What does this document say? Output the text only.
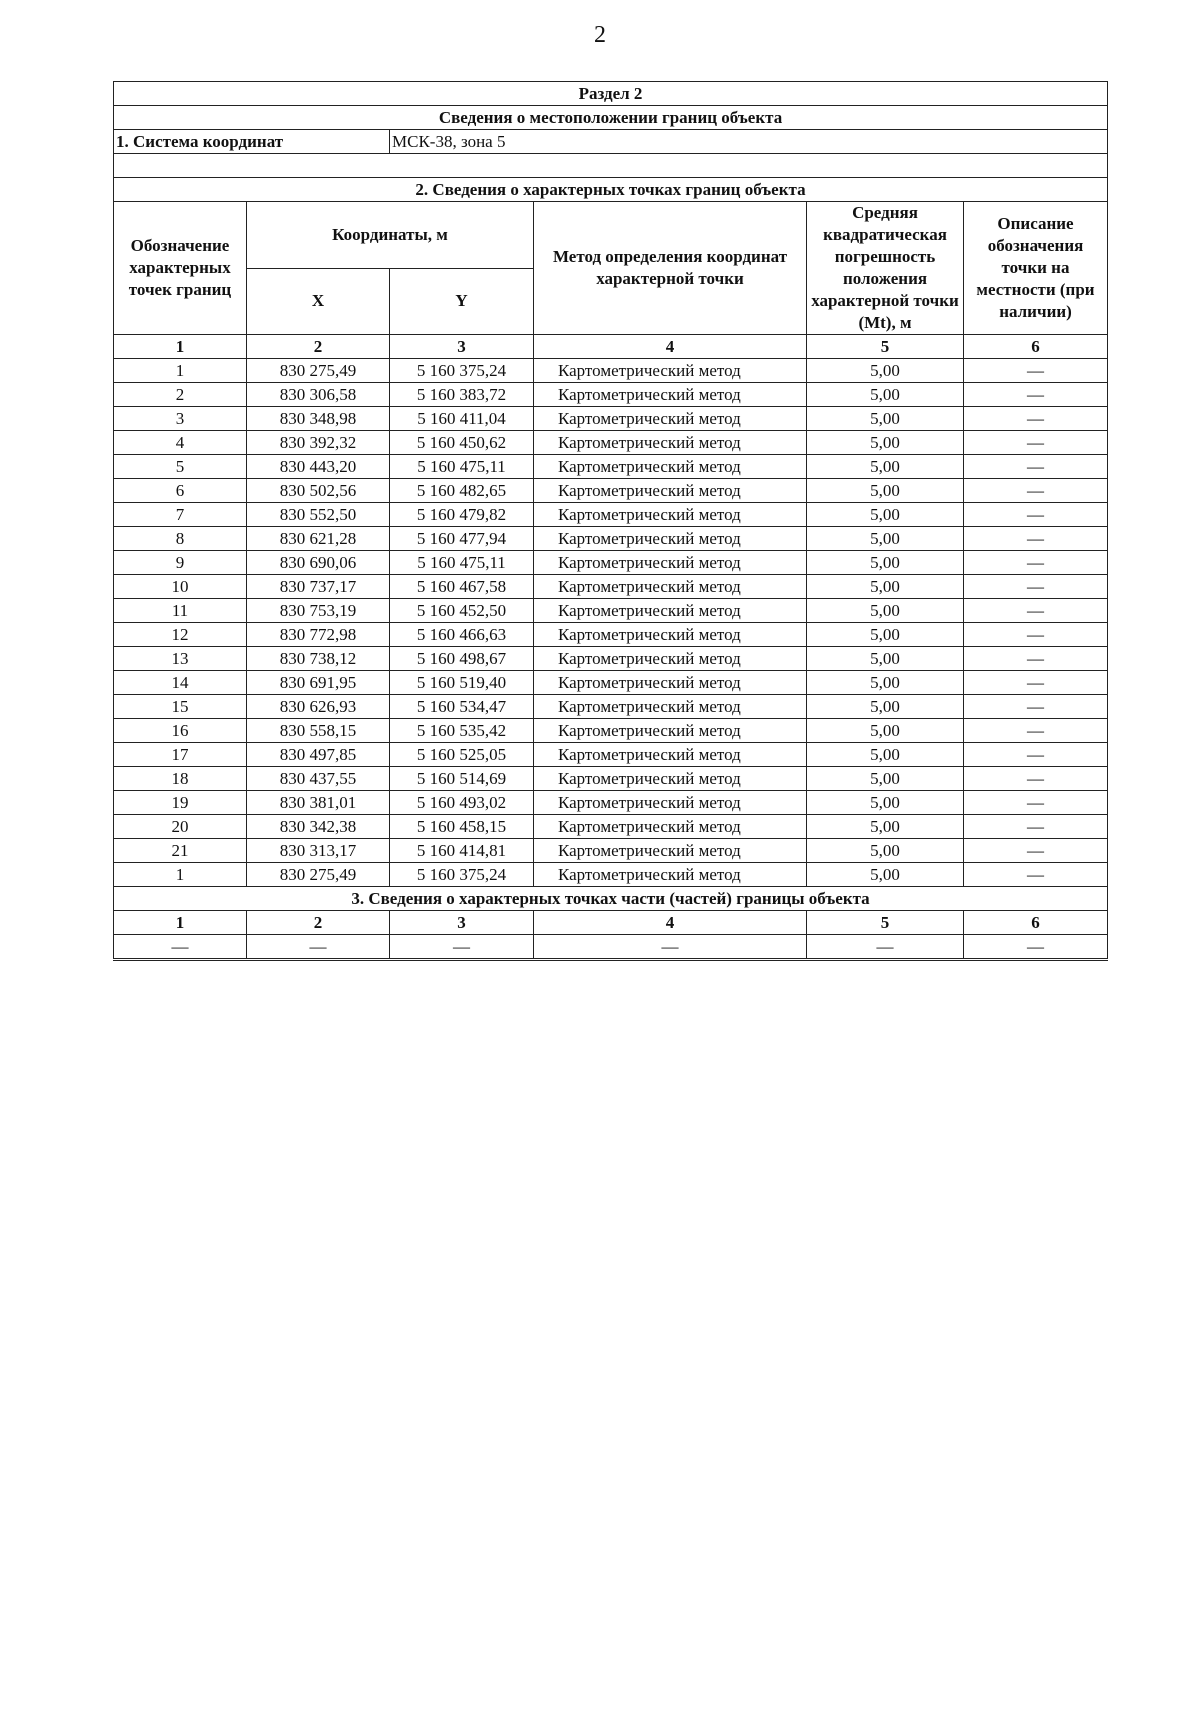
2
Раздел 2					
Сведения о местоположении границ объекта					
1. Система координат		МСК-38, зона 5			

2. Сведения о характерных точках границ объекта					
Обозначение характерных точек границ	Координаты, м		Метод определения координат характерной точки	Средняя квадратическая погрешность положения характерной точки (Mt), м	Описание обозначения точки на местности (при наличии)
	X	Y			
1	2	3	4	5	6
1	830 275,49	5 160 375,24	Картометрический метод	5,00	—
2	830 306,58	5 160 383,72	Картометрический метод	5,00	—
3	830 348,98	5 160 411,04	Картометрический метод	5,00	—
4	830 392,32	5 160 450,62	Картометрический метод	5,00	—
5	830 443,20	5 160 475,11	Картометрический метод	5,00	—
6	830 502,56	5 160 482,65	Картометрический метод	5,00	—
7	830 552,50	5 160 479,82	Картометрический метод	5,00	—
8	830 621,28	5 160 477,94	Картометрический метод	5,00	—
9	830 690,06	5 160 475,11	Картометрический метод	5,00	—
10	830 737,17	5 160 467,58	Картометрический метод	5,00	—
11	830 753,19	5 160 452,50	Картометрический метод	5,00	—
12	830 772,98	5 160 466,63	Картометрический метод	5,00	—
13	830 738,12	5 160 498,67	Картометрический метод	5,00	—
14	830 691,95	5 160 519,40	Картометрический метод	5,00	—
15	830 626,93	5 160 534,47	Картометрический метод	5,00	—
16	830 558,15	5 160 535,42	Картометрический метод	5,00	—
17	830 497,85	5 160 525,05	Картометрический метод	5,00	—
18	830 437,55	5 160 514,69	Картометрический метод	5,00	—
19	830 381,01	5 160 493,02	Картометрический метод	5,00	—
20	830 342,38	5 160 458,15	Картометрический метод	5,00	—
21	830 313,17	5 160 414,81	Картометрический метод	5,00	—
1	830 275,49	5 160 375,24	Картометрический метод	5,00	—
3. Сведения о характерных точках части (частей) границы объекта					
1	2	3	4	5	6
—	—	—	—	—	—
